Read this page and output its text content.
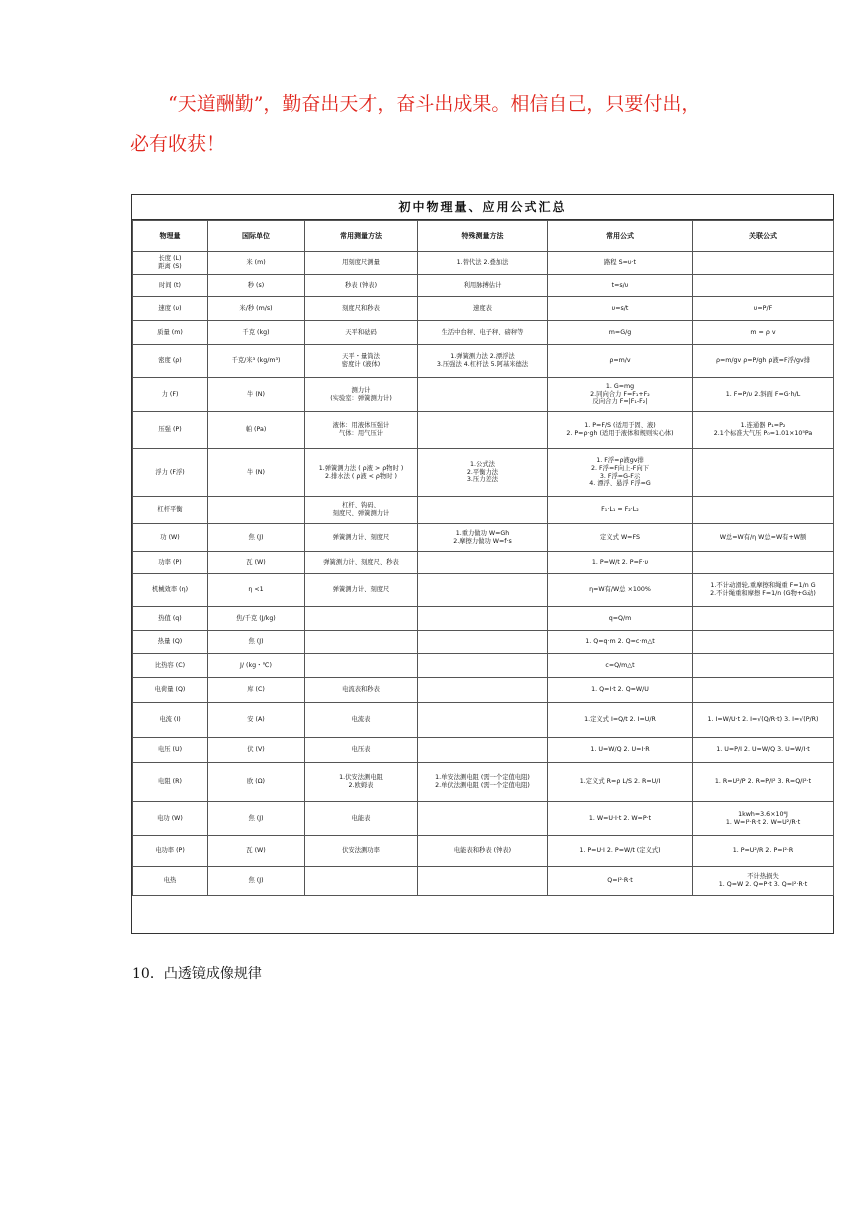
“天道酬勤”，勤奋出天才，奋斗出成果。相信自己，只要付出，
必有收获！
初中物理量、应用公式汇总
物理量	国际单位	常用测量方法	特殊测量方法	常用公式	关联公式
长度 (L)
距离 (S)	米 (m)	用刻度尺测量	1.替代法 2.叠加法	路程 S=υ·t	
时间 (t)	秒 (s)	秒表 (钟表)	利用脉搏估计	t=s/υ	
速度 (υ)	米/秒 (m/s)	刻度尺和秒表	速度表	υ=s/t	υ=P/F
质量 (m)	千克 (kg)	天平和砝码	生活中台秤、电子秤、磅秤等	m=G/g	m = ρ v
密度 (ρ)	千克/米³ (kg/m³)	天平・量筒法
密度计 (液体)	1.弹簧测力法 2.漂浮法
3.压强法 4.杠杆法 5.阿基米德法	ρ=m/v	ρ=m/gv ρ=P/gh ρ液=F浮/gv排
力 (F)	牛 (N)	测力计
(实验室：弹簧测力计)		1. G=mg
2.同向合力 F=F₁+F₂
反向合力 F=|F₁-F₂|	1. F=P/υ 2.斜面 F=G·h/L
压强 (P)	帕 (Pa)	液体：用液体压强计
气体：用气压计		1. P=F/S (适用于固、液)
2. P=ρ·gh (适用于液体和规则实心体)	1.连通器 P₁=P₂
2.1个标准大气压 P₀=1.01×10⁵Pa
浮力 (F浮)	牛 (N)	1.弹簧测力法 ( ρ液 > ρ物时 )
2.排水法 ( ρ液 < ρ物时 )	1.公式法
2.平衡力法
3.压力差法	1. F浮=ρ液gv排
2. F浮=F向上-F向下
3. F浮=G-F示
4. 漂浮、悬浮 F浮=G	
杠杆平衡		杠杆、钩码、
刻度尺、弹簧测力计		F₁·L₁ = F₂·L₂	
功 (W)	焦 (J)	弹簧测力计、刻度尺	1.重力做功 W=Gh
2.摩擦力做功 W=f·s	定义式 W=FS	W总=W有/η W总=W有+W额
功率 (P)	瓦 (W)	弹簧测力计、刻度尺、秒表		1. P=W/t 2. P=F·υ	
机械效率 (η)	η <1	弹簧测力计、刻度尺		η=W有/W总 ×100%	1.不计动滑轮,重摩擦和绳重 F=1/n G
2.不计绳重和摩擦 F=1/n (G物+G动)
热值 (q)	焦/千克 (J/kg)			q=Q/m	
热量 (Q)	焦 (J)			1. Q=q·m 2. Q=c·m△t	
比热容 (C)	J/ (kg・℃)			c=Q/m△t	
电荷量 (Q)	库 (C)	电流表和秒表		1. Q=I·t 2. Q=W/U	
电流 (I)	安 (A)	电流表		1.定义式 I=Q/t 2. I=U/R	1. I=W/U·t 2. I=√(Q/R·t) 3. I=√(P/R)
电压 (U)	伏 (V)	电压表		1. U=W/Q 2. U=I·R	1. U=P/I 2. U=W/Q 3. U=W/I·t
电阻 (R)	欧 (Ω)	1.伏安法测电阻
2.欧姆表	1.单安法测电阻 (需一个定值电阻)
2.单伏法测电阻 (需一个定值电阻)	1.定义式 R=ρ L/S 2. R=U/I	1. R=U²/P 2. R=P/I² 3. R=Q/I²·t
电功 (W)	焦 (J)	电能表		1. W=U·I·t 2. W=P·t	1kwh=3.6×10⁶J
1. W=I²·R·t 2. W=U²/R·t
电功率 (P)	瓦 (W)	伏安法测功率	电能表和秒表 (钟表)	1. P=U·I 2. P=W/t (定义式)	1. P=U²/R 2. P=I²·R
电热	焦 (J)			Q=I²·R·t	不计热损失
1. Q=W 2. Q=P·t 3. Q=I²·R·t
10．凸透镜成像规律
